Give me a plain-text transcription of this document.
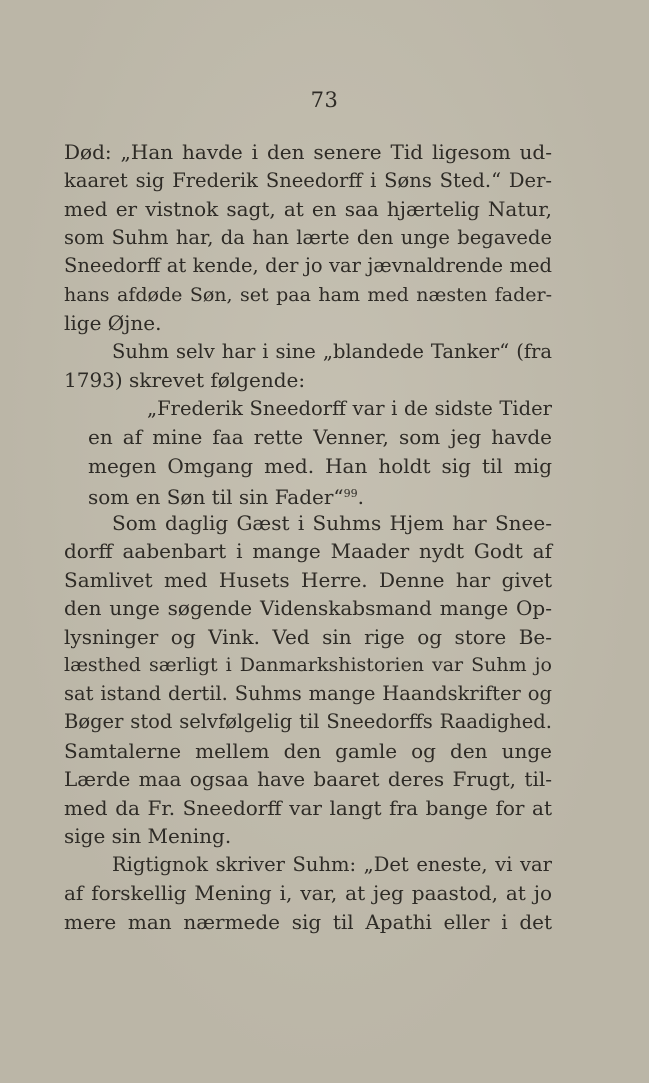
73
Død: „Han havde i den senere Tid ligesom ud-
kaaret sig Frederik Sneedorff i Søns Sted.“ Der-
med er vistnok sagt, at en saa hjærtelig Natur,
som Suhm har, da han lærte den unge begavede
Sneedorff at kende, der jo var jævnaldrende med
hans afdøde Søn, set paa ham med næsten fader-
lige Øjne.
Suhm selv har i sine „blandede Tanker“ (fra
1793) skrevet følgende:
„Frederik Sneedorff var i de sidste Tider
en af mine faa rette Venner, som jeg havde
megen Omgang med. Han holdt sig til mig
som en Søn til sin Fader“$^{99}$.
Som daglig Gæst i Suhms Hjem har Snee-
dorff aabenbart i mange Maader nydt Godt af
Samlivet med Husets Herre. Denne har givet
den unge søgende Videnskabsmand mange Op-
lysninger og Vink. Ved sin rige og store Be-
læsthed særligt i Danmarkshistorien var Suhm jo
sat istand dertil. Suhms mange Haandskrifter og
Bøger stod selvfølgelig til Sneedorffs Raadighed.
Samtalerne mellem den gamle og den unge
Lærde maa ogsaa have baaret deres Frugt, til-
med da Fr. Sneedorff var langt fra bange for at
sige sin Mening.
Rigtignok skriver Suhm: „Det eneste, vi var
af forskellig Mening i, var, at jeg paastod, at jo
mere man nærmede sig til Apathi eller i det
